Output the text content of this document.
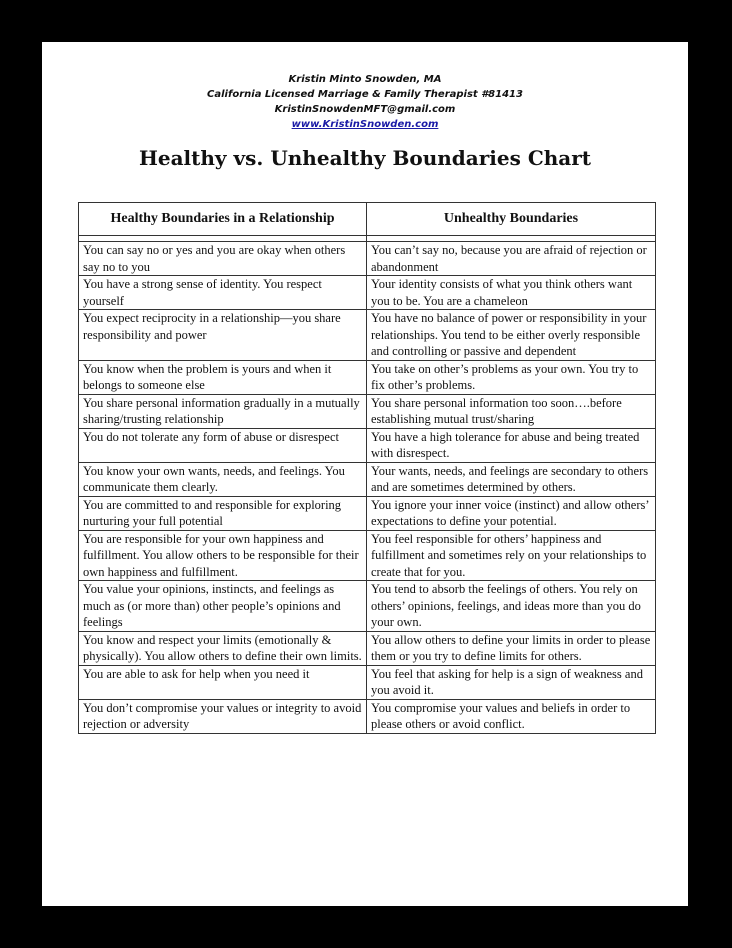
Kristin Minto Snowden, MA
California Licensed Marriage & Family Therapist #81413
KristinSnowdenMFT@gmail.com
www.KristinSnowden.com
Healthy vs. Unhealthy Boundaries Chart
Healthy Boundaries in a Relationship	Unhealthy Boundaries

You can say no or yes and you are okay when others say no to you	You can’t say no, because you are afraid of rejection or abandonment
You have a strong sense of identity. You respect yourself	Your identity consists of what you think others want you to be. You are a chameleon
You expect reciprocity in a relationship—you share responsibility and power	You have no balance of power or responsibility in your relationships. You tend to be either overly responsible and controlling or passive and dependent
You know when the problem is yours and when it belongs to someone else	You take on other’s problems as your own. You try to fix other’s problems.
You share personal information gradually in a mutually sharing/trusting relationship	You share personal information too soon….before establishing mutual trust/sharing
You do not tolerate any form of abuse or disrespect	You have a high tolerance for abuse and being treated with disrespect.
You know your own wants, needs, and feelings. You communicate them clearly.	Your wants, needs, and feelings are secondary to others and are sometimes determined by others.
You are committed to and responsible for exploring nurturing your full potential	You ignore your inner voice (instinct) and allow others’ expectations to define your potential.
You are responsible for your own happiness and fulfillment. You allow others to be responsible for their own happiness and fulfillment.	You feel responsible for others’ happiness and fulfillment and sometimes rely on your relationships to create that for you.
You value your opinions, instincts, and feelings as much as (or more than) other people’s opinions and feelings	You tend to absorb the feelings of others. You rely on others’ opinions, feelings, and ideas more than you do your own.
You know and respect your limits (emotionally & physically). You allow others to define their own limits.	You allow others to define your limits in order to please them or you try to define limits for others.
You are able to ask for help when you need it	You feel that asking for help is a sign of weakness and you avoid it.
You don’t compromise your values or integrity to avoid rejection or adversity	You compromise your values and beliefs in order to please others or avoid conflict.
